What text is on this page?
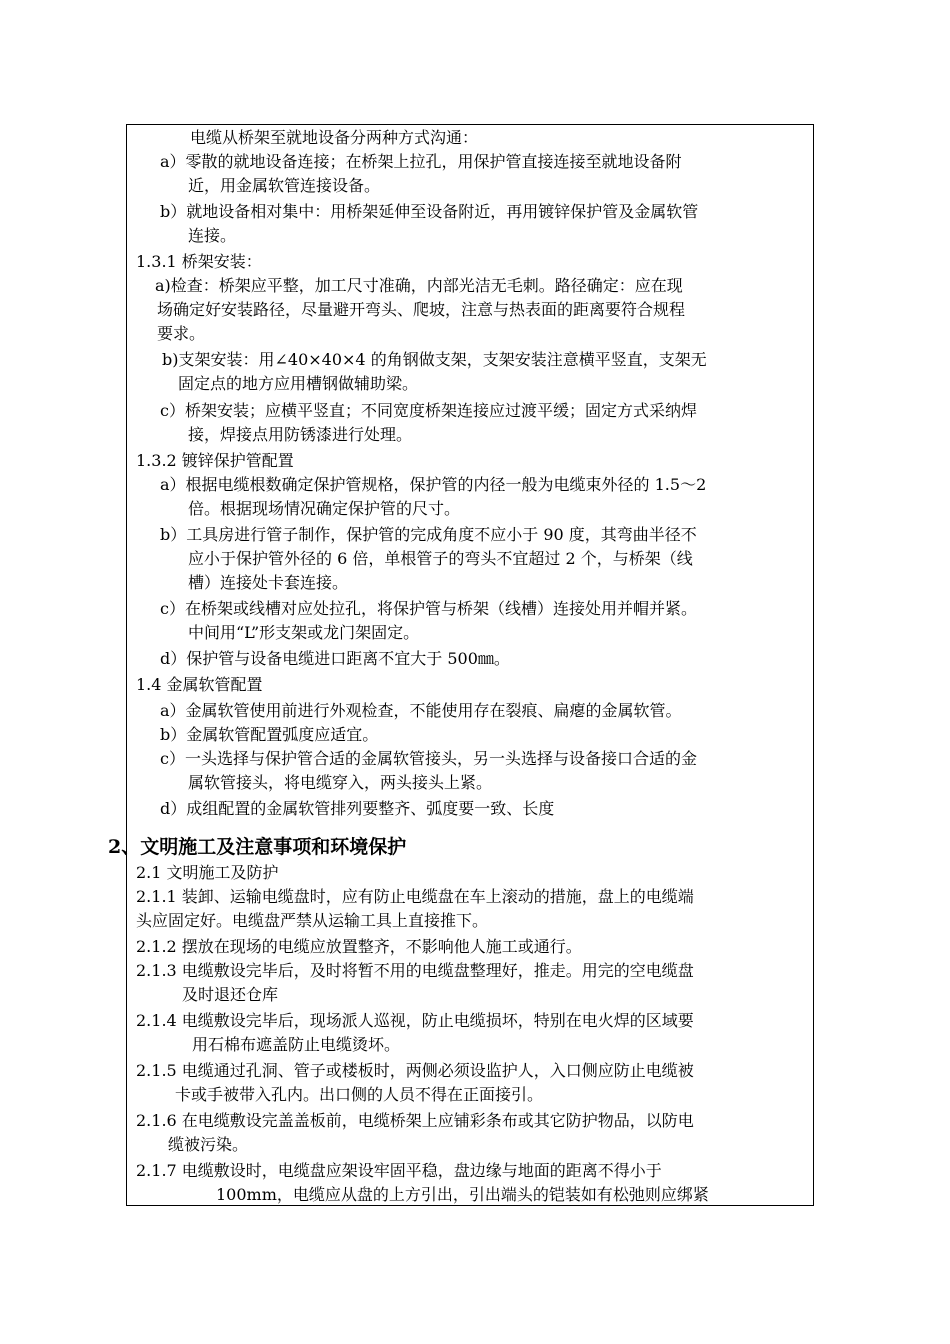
电缆从桥架至就地设备分两种方式沟通：
a）零散的就地设备连接；在桥架上拉孔，用保护管直接连接至就地设备附
近，用金属软管连接设备。
b）就地设备相对集中：用桥架延伸至设备附近，再用镀锌保护管及金属软管
连接。
1.3.1 桥架安装：
a)检查：桥架应平整，加工尺寸准确，内部光洁无毛刺。路径确定：应在现
场确定好安装路径，尽量避开弯头、爬坡，注意与热表面的距离要符合规程
要求。
b)支架安装：用∠40×40×4 的角钢做支架，支架安装注意横平竖直，支架无
固定点的地方应用槽钢做辅助梁。
c）桥架安装；应横平竖直；不同宽度桥架连接应过渡平缓；固定方式采纳焊
接，焊接点用防锈漆进行处理。
1.3.2 镀锌保护管配置
a）根据电缆根数确定保护管规格，保护管的内径一般为电缆束外径的 1.5～2
倍。根据现场情况确定保护管的尺寸。
b）工具房进行管子制作，保护管的完成角度不应小于 90 度，其弯曲半径不
应小于保护管外径的 6 倍，单根管子的弯头不宜超过 2 个，与桥架（线
槽）连接处卡套连接。
c）在桥架或线槽对应处拉孔，将保护管与桥架（线槽）连接处用并帽并紧。
中间用“L”形支架或龙门架固定。
d）保护管与设备电缆进口距离不宜大于 500㎜。
1.4 金属软管配置
a）金属软管使用前进行外观检查，不能使用存在裂痕、扁瘪的金属软管。
b）金属软管配置弧度应适宜。
c）一头选择与保护管合适的金属软管接头，另一头选择与设备接口合适的金
属软管接头，将电缆穿入，两头接头上紧。
d）成组配置的金属软管排列要整齐、弧度要一致、长度
2、文明施工及注意事项和环境保护
2.1 文明施工及防护
2.1.1 装卸、运输电缆盘时，应有防止电缆盘在车上滚动的措施，盘上的电缆端
头应固定好。电缆盘严禁从运输工具上直接推下。
2.1.2 摆放在现场的电缆应放置整齐，不影响他人施工或通行。
2.1.3 电缆敷设完毕后，及时将暂不用的电缆盘整理好，推走。用完的空电缆盘
及时退还仓库
2.1.4 电缆敷设完毕后，现场派人巡视，防止电缆损坏，特别在电火焊的区域要
用石棉布遮盖防止电缆烫坏。
2.1.5 电缆通过孔洞、管子或楼板时，两侧必须设监护人，入口侧应防止电缆被
卡或手被带入孔内。出口侧的人员不得在正面接引。
2.1.6 在电缆敷设完盖盖板前，电缆桥架上应铺彩条布或其它防护物品，以防电
缆被污染。
2.1.7 电缆敷设时，电缆盘应架设牢固平稳，盘边缘与地面的距离不得小于
100mm，电缆应从盘的上方引出，引出端头的铠装如有松弛则应绑紧
